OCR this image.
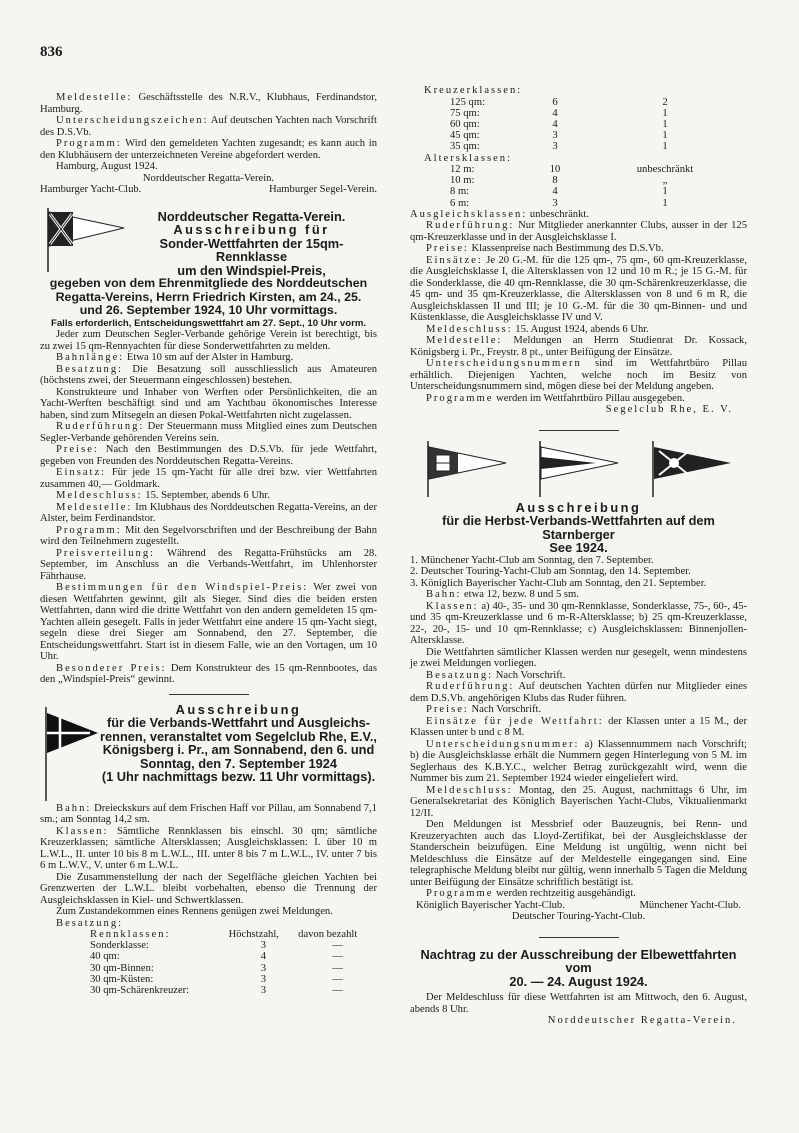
836

Meldestelle: Geschäftsstelle des N.R.V., Klubhaus, Ferdinandstor, Hamburg.

Unterscheidungszeichen: Auf deutschen Yachten nach Vorschrift des D.S.Vb.

Programm: Wird den gemeldeten Yachten zugesandt; es kann auch in den Klubhäusern der unterzeichneten Vereine abgefordert werden.

Hamburg, August 1924.

Norddeutscher Regatta-Verein.

Hamburger Yacht-Club.	Hamburger Segel-Verein.
Norddeutscher Regatta-Verein.
Ausschreibung für
Sonder-Wettfahrten der 15qm-Rennklasse
um den Windspiel-Preis,
gegeben von dem Ehrenmitgliede des Norddeutschen
Regatta-Vereins, Herrn Friedrich Kirsten, am 24., 25.
und 26. September 1924, 10 Uhr vormittags.
Falls erforderlich, Entscheidungswettfahrt am 27. Sept., 10 Uhr vorm.

Jeder zum Deutschen Segler-Verbande gehörige Verein ist berechtigt, bis zu zwei 15 qm-Rennyachten für diese Sonderwettfahrten zu melden.

Bahnlänge: Etwa 10 sm auf der Alster in Hamburg.

Besatzung: Die Besatzung soll ausschliesslich aus Amateuren (höchstens zwei, der Steuermann eingeschlossen) bestehen.

Konstrukteure und Inhaber von Werften oder Persönlichkeiten, die an Yacht-Werften beschäftigt sind und am Yachtbau ökonomisches Interesse haben, sind zum Mitsegeln an diesen Pokal-Wettfahrten nicht zugelassen.

Ruderführung: Der Steuermann muss Mitglied eines zum Deutschen Segler-Verbande gehörenden Vereins sein.

Preise: Nach den Bestimmungen des D.S.Vb. für jede Wettfahrt, gegeben von Freunden des Norddeutschen Regatta-Vereins.

Einsatz: Für jede 15 qm-Yacht für alle drei bzw. vier Wettfahrten zusammen 40,— Goldmark.

Meldeschluss: 15. September, abends 6 Uhr.

Meldestelle: Im Klubhaus des Norddeutschen Regatta-Vereins, an der Alster, beim Ferdinandstor.

Programm: Mit den Segelvorschriften und der Beschreibung der Bahn wird den Teilnehmern zugestellt.

Preisverteilung: Während des Regatta-Frühstücks am 28. September, im Anschluss an die Verbands-Wettfahrt, im Uhlenhorster Fährhause.

Bestimmungen für den Windspiel-Preis: Wer zwei von diesen Wettfahrten gewinnt, gilt als Sieger. Sind dies die beiden ersten Wettfahrten, dann wird die dritte Wettfahrt von den andern gemeldeten 15 qm-Yachten allein gesegelt. Falls in jeder Wettfahrt eine andere 15 qm-Yacht siegt, segeln diese drei Sieger am Sonnabend, den 27. September, die Entscheidungswettfahrt. Start ist in diesem Falle, wie an den Vortagen, um 10 Uhr.

Besonderer Preis: Dem Konstrukteur des 15 qm-Rennbootes, das den „Windspiel-Preis“ gewinnt.

Ausschreibung
für die Verbands-Wettfahrt und Ausgleichs-
rennen, veranstaltet vom Segelclub Rhe, E.V.,
Königsberg i. Pr., am Sonnabend, den 6. und
Sonntag, den 7. September 1924
(1 Uhr nachmittags bezw. 11 Uhr vormittags).

Bahn: Dreieckskurs auf dem Frischen Haff vor Pillau, am Sonnabend 7,1 sm.; am Sonntag 14,2 sm.

Klassen: Sämtliche Rennklassen bis einschl. 30 qm; sämtliche Kreuzerklassen; sämtliche Altersklassen; Ausgleichsklassen: I. über 10 m L.W.L., II. unter 10 bis 8 m L.W.L., III. unter 8 bis 7 m L.W.L., IV. unter 7 bis 6 m L.W.V., V. unter 6 m L.W.L.

Die Zusammenstellung der nach der Segelfläche gleichen Yachten bei Grenzwerten der L.W.L. bleibt vorbehalten, ebenso die Trennung der Ausgleichsklassen in Kiel- und Schwertklassen.

Zum Zustandekommen eines Rennens genügen zwei Meldungen.

Besatzung:

Rennklassen:	Höchstzahl,	davon bezahlt
Sonderklasse:	3	—
40 qm:	4	—
30 qm-Binnen:	3	—
30 qm-Küsten:	3	—
30 qm-Schärenkreuzer:	3	—

Kreuzerklassen:

125 qm:	6	2
75 qm:	4	1
60 qm:	4	1
45 qm:	3	1
35 qm:	3	1

Altersklassen:

12 m:	10	unbeschränkt
10 m:	8	„
8 m:	4	1
6 m:	3	1

Ausgleichsklassen: unbeschränkt.

Ruderführung: Nur Mitglieder anerkannter Clubs, ausser in der 125 qm-Kreuzerklasse und in der Ausgleichsklasse I.

Preise: Klassenpreise nach Bestimmung des D.S.Vb.

Einsätze: Je 20 G.-M. für die 125 qm-, 75 qm-, 60 qm-Kreuzerklasse, die Ausgleichsklasse I, die Altersklassen von 12 und 10 m R.; je 15 G.-M. für die Sonderklasse, die 40 qm-Rennklasse, die 30 qm-Schärenkreuzerklasse, die 45 qm- und 35 qm-Kreuzerklasse, die Altersklassen von 8 und 6 m R, die Ausgleichsklassen II und III; je 10 G.-M. für die 30 qm-Binnen- und und Küstenklasse, die Ausgleichsklasse IV und V.

Meldeschluss: 15. August 1924, abends 6 Uhr.

Meldestelle: Meldungen an Herrn Studienrat Dr. Kossack, Königsberg i. Pr., Freystr. 8 pt., unter Beifügung der Einsätze.

Unterscheidungsnummern sind im Wettfahrtbüro Pillau erhältlich. Diejenigen Yachten, welche noch im Besitz von Unterscheidungsnummern sind, mögen diese bei der Meldung angeben.

Programme werden im Wettfahrtbüro Pillau ausgegeben.

Segelclub Rhe, E. V.

Ausschreibung
für die Herbst-Verbands-Wettfahrten auf dem Starnberger
See 1924.

1. Münchener Yacht-Club am Sonntag, den 7. September.

2. Deutscher Touring-Yacht-Club am Sonntag, den 14. September.

3. Königlich Bayerischer Yacht-Club am Sonntag, den 21. September.

Bahn: etwa 12, bezw. 8 und 5 sm.

Klassen: a) 40-, 35- und 30 qm-Rennklasse, Sonderklasse, 75-, 60-, 45- und 35 qm-Kreuzerklasse und 6 m-R-Altersklasse; b) 25 qm-Kreuzerklasse, 22-, 20-, 15- und 10 qm-Rennklasse; c) Ausgleichsklassen: Binnenjollen-Altersklasse.

Die Wettfahrten sämtlicher Klassen werden nur gesegelt, wenn mindestens je zwei Meldungen vorliegen.

Besatzung: Nach Vorschrift.

Ruderführung: Auf deutschen Yachten dürfen nur Mitglieder eines dem D.S.Vb. angehörigen Klubs das Ruder führen.

Preise: Nach Vorschrift.

Einsätze für jede Wettfahrt: der Klassen unter a 15 M., der Klassen unter b und c 8 M.

Unterscheidungsnummer: a) Klassennummern nach Vorschrift; b) die Ausgleichsklasse erhält die Nummern gegen Hinterlegung von 5 M. im Seglerhaus des K.B.Y.C., welcher Betrag zurückgezahlt wird, wenn die Nummer bis zum 21. September 1924 wieder eingeliefert wird.

Meldeschluss: Montag, den 25. August, nachmittags 6 Uhr, im Generalsekretariat des Königlich Bayerischen Yacht-Clubs, Viktualienmarkt 12/II.

Den Meldungen ist Messbrief oder Bauzeugnis, bei Renn- und Kreuzeryachten auch das Lloyd-Zertifikat, bei der Ausgleichsklasse der Standerschein beizufügen. Eine Meldung ist ungültig, wenn nicht bei Meldeschluss die Einsätze auf der Meldestelle eingegangen sind. Eine telegraphische Meldung bleibt nur gültig, wenn innerhalb 5 Tagen die Meldung unter Beifügung der Einsätze schriftlich bestätigt ist.

Programme werden rechtzeitig ausgehändigt.

Königlich Bayerischer Yacht-Club.	Münchener Yacht-Club.

Deutscher Touring-Yacht-Club.

Nachtrag zu der Ausschreibung der Elbewettfahrten vom
20. — 24. August 1924.

Der Meldeschluss für diese Wettfahrten ist am Mittwoch, den 6. August, abends 8 Uhr.

Norddeutscher Regatta-Verein.
